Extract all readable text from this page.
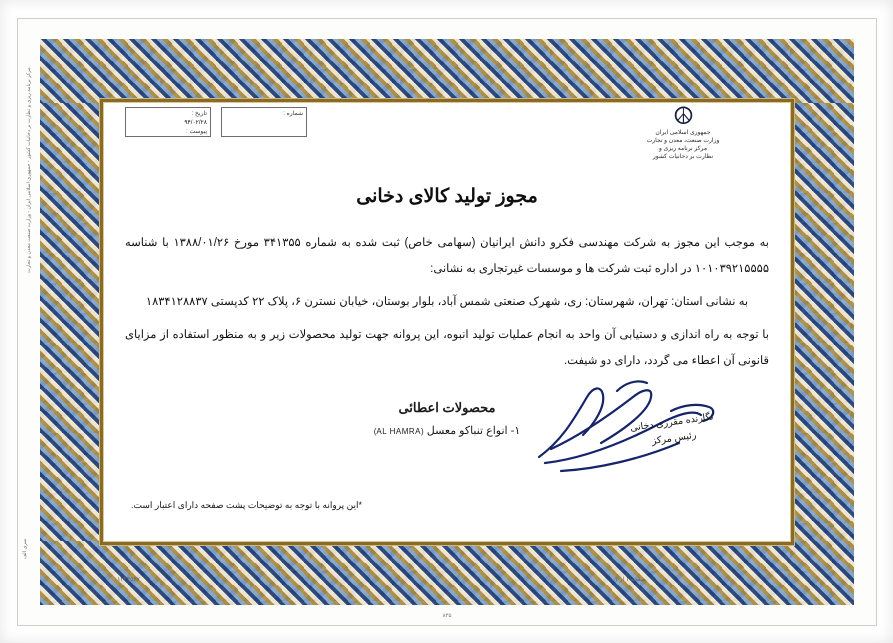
مرکز برنامه ریزی و نظارت بر دخانیات کشور - جمهوری اسلامی ایران - وزارت صنعت معدن و تجارت
سری الف
☮
جمهوری اسلامی ایران
وزارت صنعت، معدن و تجارت
مرکز برنامه ریزی و
نظارت بر دخانیات کشور
شماره :
تاریخ :
۹۴/۰۲/۲۸
پیوست :
مجوز تولید کالای دخانی

به موجب این مجوز به شرکت مهندسی فکرو دانش ایرانیان (سهامی خاص) ثبت شده به شماره ۳۴۱۳۵۵ مورخ ۱۳۸۸/۰۱/۲۶ با شناسه ۱۰۱۰۳۹۲۱۵۵۵۵ در اداره ثبت شرکت ها و موسسات غیرتجاری به نشانی:

به نشانی استان: تهران، شهرستان: ری، شهرک صنعتی شمس آباد، بلوار بوستان، خیابان نسترن ۶، پلاک ۲۲ کدپستی ۱۸۳۴۱۲۸۸۳۷

با توجه به راه اندازی و دستیابی آن واحد به انجام عملیات تولید انبوه، این پروانه جهت تولید محصولات زیر و به منظور استفاده از مزایای قانونی آن اعطاء می گردد، دارای دو شیفت.

محصولات اعطائی
۱- انواع تنباکو معسل (AL HAMRA)	نگارنده مقرری دخانی
رئیس مرکز
*این پروانه با توجه به توضیحات پشت صفحه دارای اعتبار است.
۰۱۲۳۴۵۶۷	صفحه ۱ از ۱
۸۳۵
